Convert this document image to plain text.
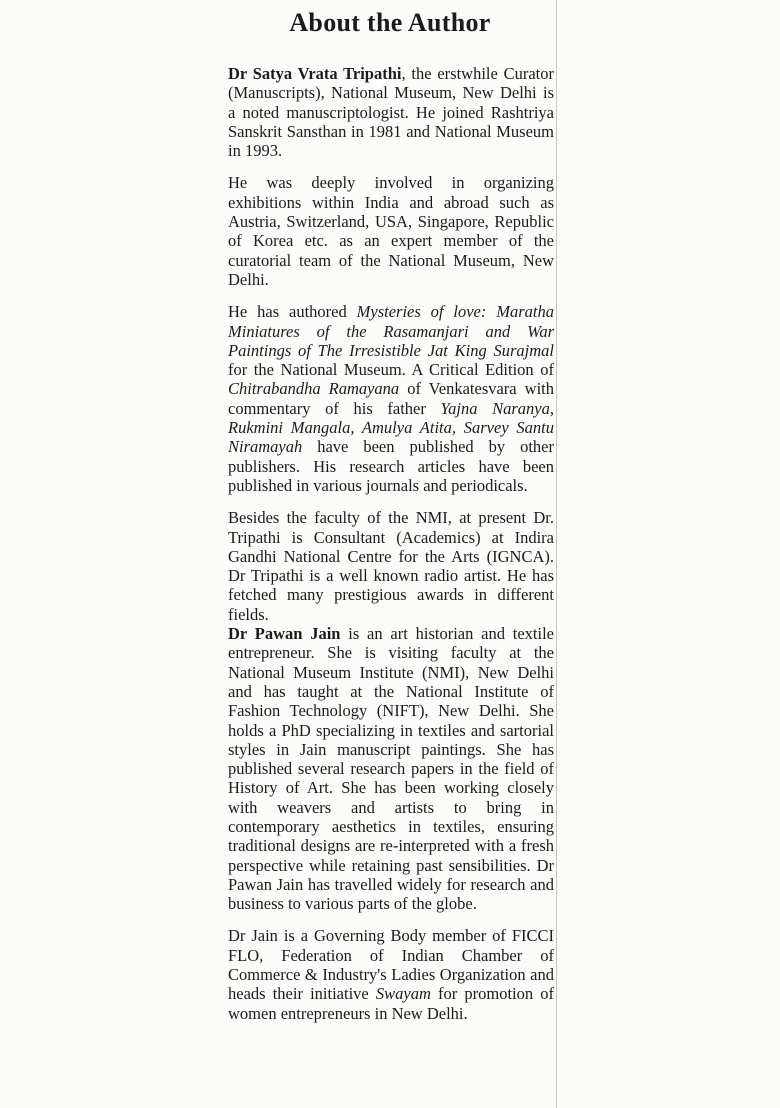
About the Author

Dr Satya Vrata Tripathi, the erstwhile Curator (Manuscripts), National Museum, New Delhi is a noted manuscriptologist. He joined Rashtriya Sanskrit Sansthan in 1981 and National Museum in 1993.

He was deeply involved in organizing exhibitions within India and abroad such as Austria, Switzerland, USA, Singapore, Republic of Korea etc. as an expert member of the curatorial team of the National Museum, New Delhi.

He has authored Mysteries of love: Maratha Miniatures of the Rasamanjari and War Paintings of The Irresistible Jat King Surajmal for the National Museum. A Critical Edition of Chitrabandha Ramayana of Venkatesvara with commentary of his father Yajna Naranya, Rukmini Mangala, Amulya Atita, Sarvey Santu Niramayah have been published by other publishers. His research articles have been published in various journals and periodicals.

Besides the faculty of the NMI, at present Dr. Tripathi is Consultant (Academics) at Indira Gandhi National Centre for the Arts (IGNCA). Dr Tripathi is a well known radio artist. He has fetched many prestigious awards in different fields.

Dr Pawan Jain is an art historian and textile entrepreneur. She is visiting faculty at the National Museum Institute (NMI), New Delhi and has taught at the National Institute of Fashion Technology (NIFT), New Delhi. She holds a PhD specializing in textiles and sartorial styles in Jain manuscript paintings. She has published several research papers in the field of History of Art. She has been working closely with weavers and artists to bring in contemporary aesthetics in textiles, ensuring traditional designs are re-interpreted with a fresh perspective while retaining past sensibilities. Dr Pawan Jain has travelled widely for research and business to various parts of the globe.

Dr Jain is a Governing Body member of FICCI FLO, Federation of Indian Chamber of Commerce & Industry's Ladies Organization and heads their initiative Swayam for promotion of women entrepreneurs in New Delhi.
